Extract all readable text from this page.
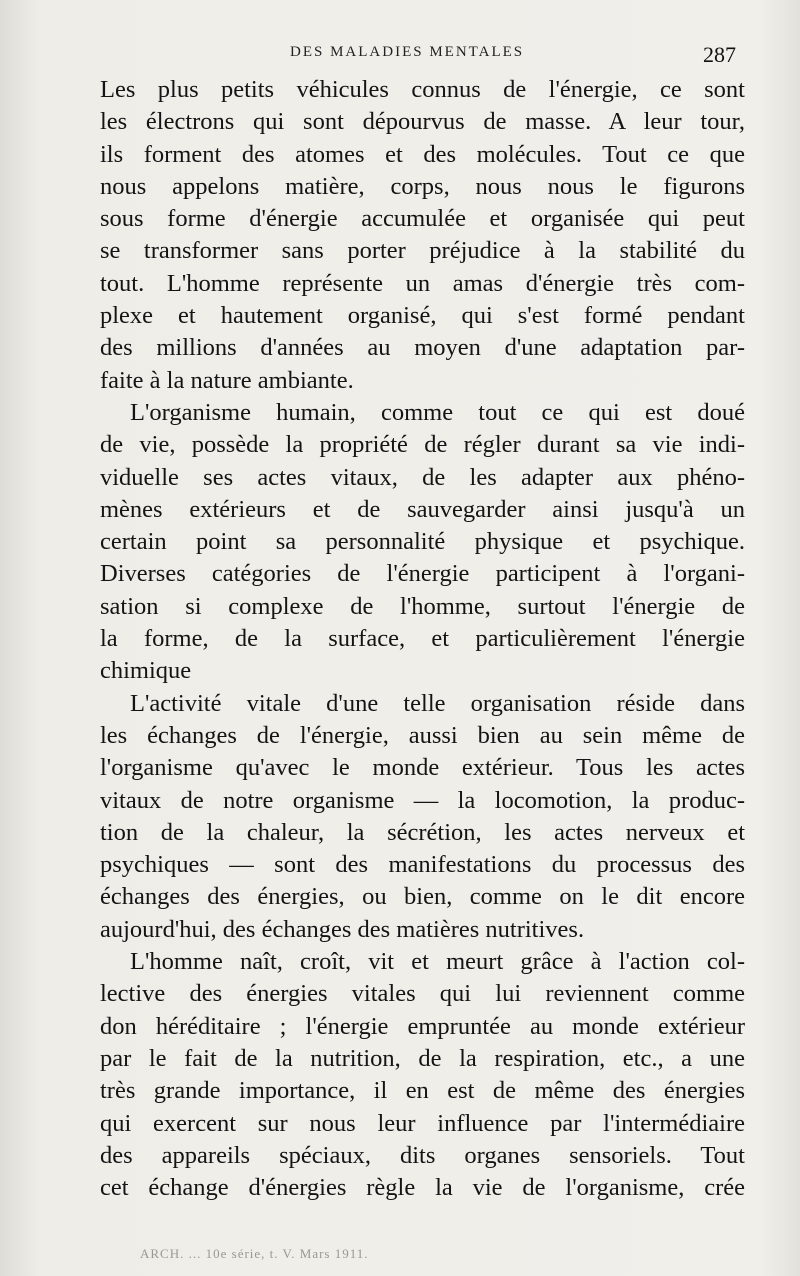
DES MALADIES MENTALES	287
Les plus petits véhicules connus de l'énergie, ce sont
les électrons qui sont dépourvus de masse. A leur tour,
ils forment des atomes et des molécules. Tout ce que
nous appelons matière, corps, nous nous le figurons
sous forme d'énergie accumulée et organisée qui peut
se transformer sans porter préjudice à la stabilité du
tout. L'homme représente un amas d'énergie très com-
plexe et hautement organisé, qui s'est formé pendant
des millions d'années au moyen d'une adaptation par-
faite à la nature ambiante.
L'organisme humain, comme tout ce qui est doué
de vie, possède la propriété de régler durant sa vie indi-
viduelle ses actes vitaux, de les adapter aux phéno-
mènes extérieurs et de sauvegarder ainsi jusqu'à un
certain point sa personnalité physique et psychique.
Diverses catégories de l'énergie participent à l'organi-
sation si complexe de l'homme, surtout l'énergie de
la forme, de la surface, et particulièrement l'énergie
chimique
L'activité vitale d'une telle organisation réside dans
les échanges de l'énergie, aussi bien au sein même de
l'organisme qu'avec le monde extérieur. Tous les actes
vitaux de notre organisme — la locomotion, la produc-
tion de la chaleur, la sécrétion, les actes nerveux et
psychiques — sont des manifestations du processus des
échanges des énergies, ou bien, comme on le dit encore
aujourd'hui, des échanges des matières nutritives.
L'homme naît, croît, vit et meurt grâce à l'action col-
lective des énergies vitales qui lui reviennent comme
don héréditaire ; l'énergie empruntée au monde extérieur
par le fait de la nutrition, de la respiration, etc., a une
très grande importance, il en est de même des énergies
qui exercent sur nous leur influence par l'intermédiaire
des appareils spéciaux, dits organes sensoriels. Tout
cet échange d'énergies règle la vie de l'organisme, crée
ARCH. ... 10e série, t. V. Mars 1911.
